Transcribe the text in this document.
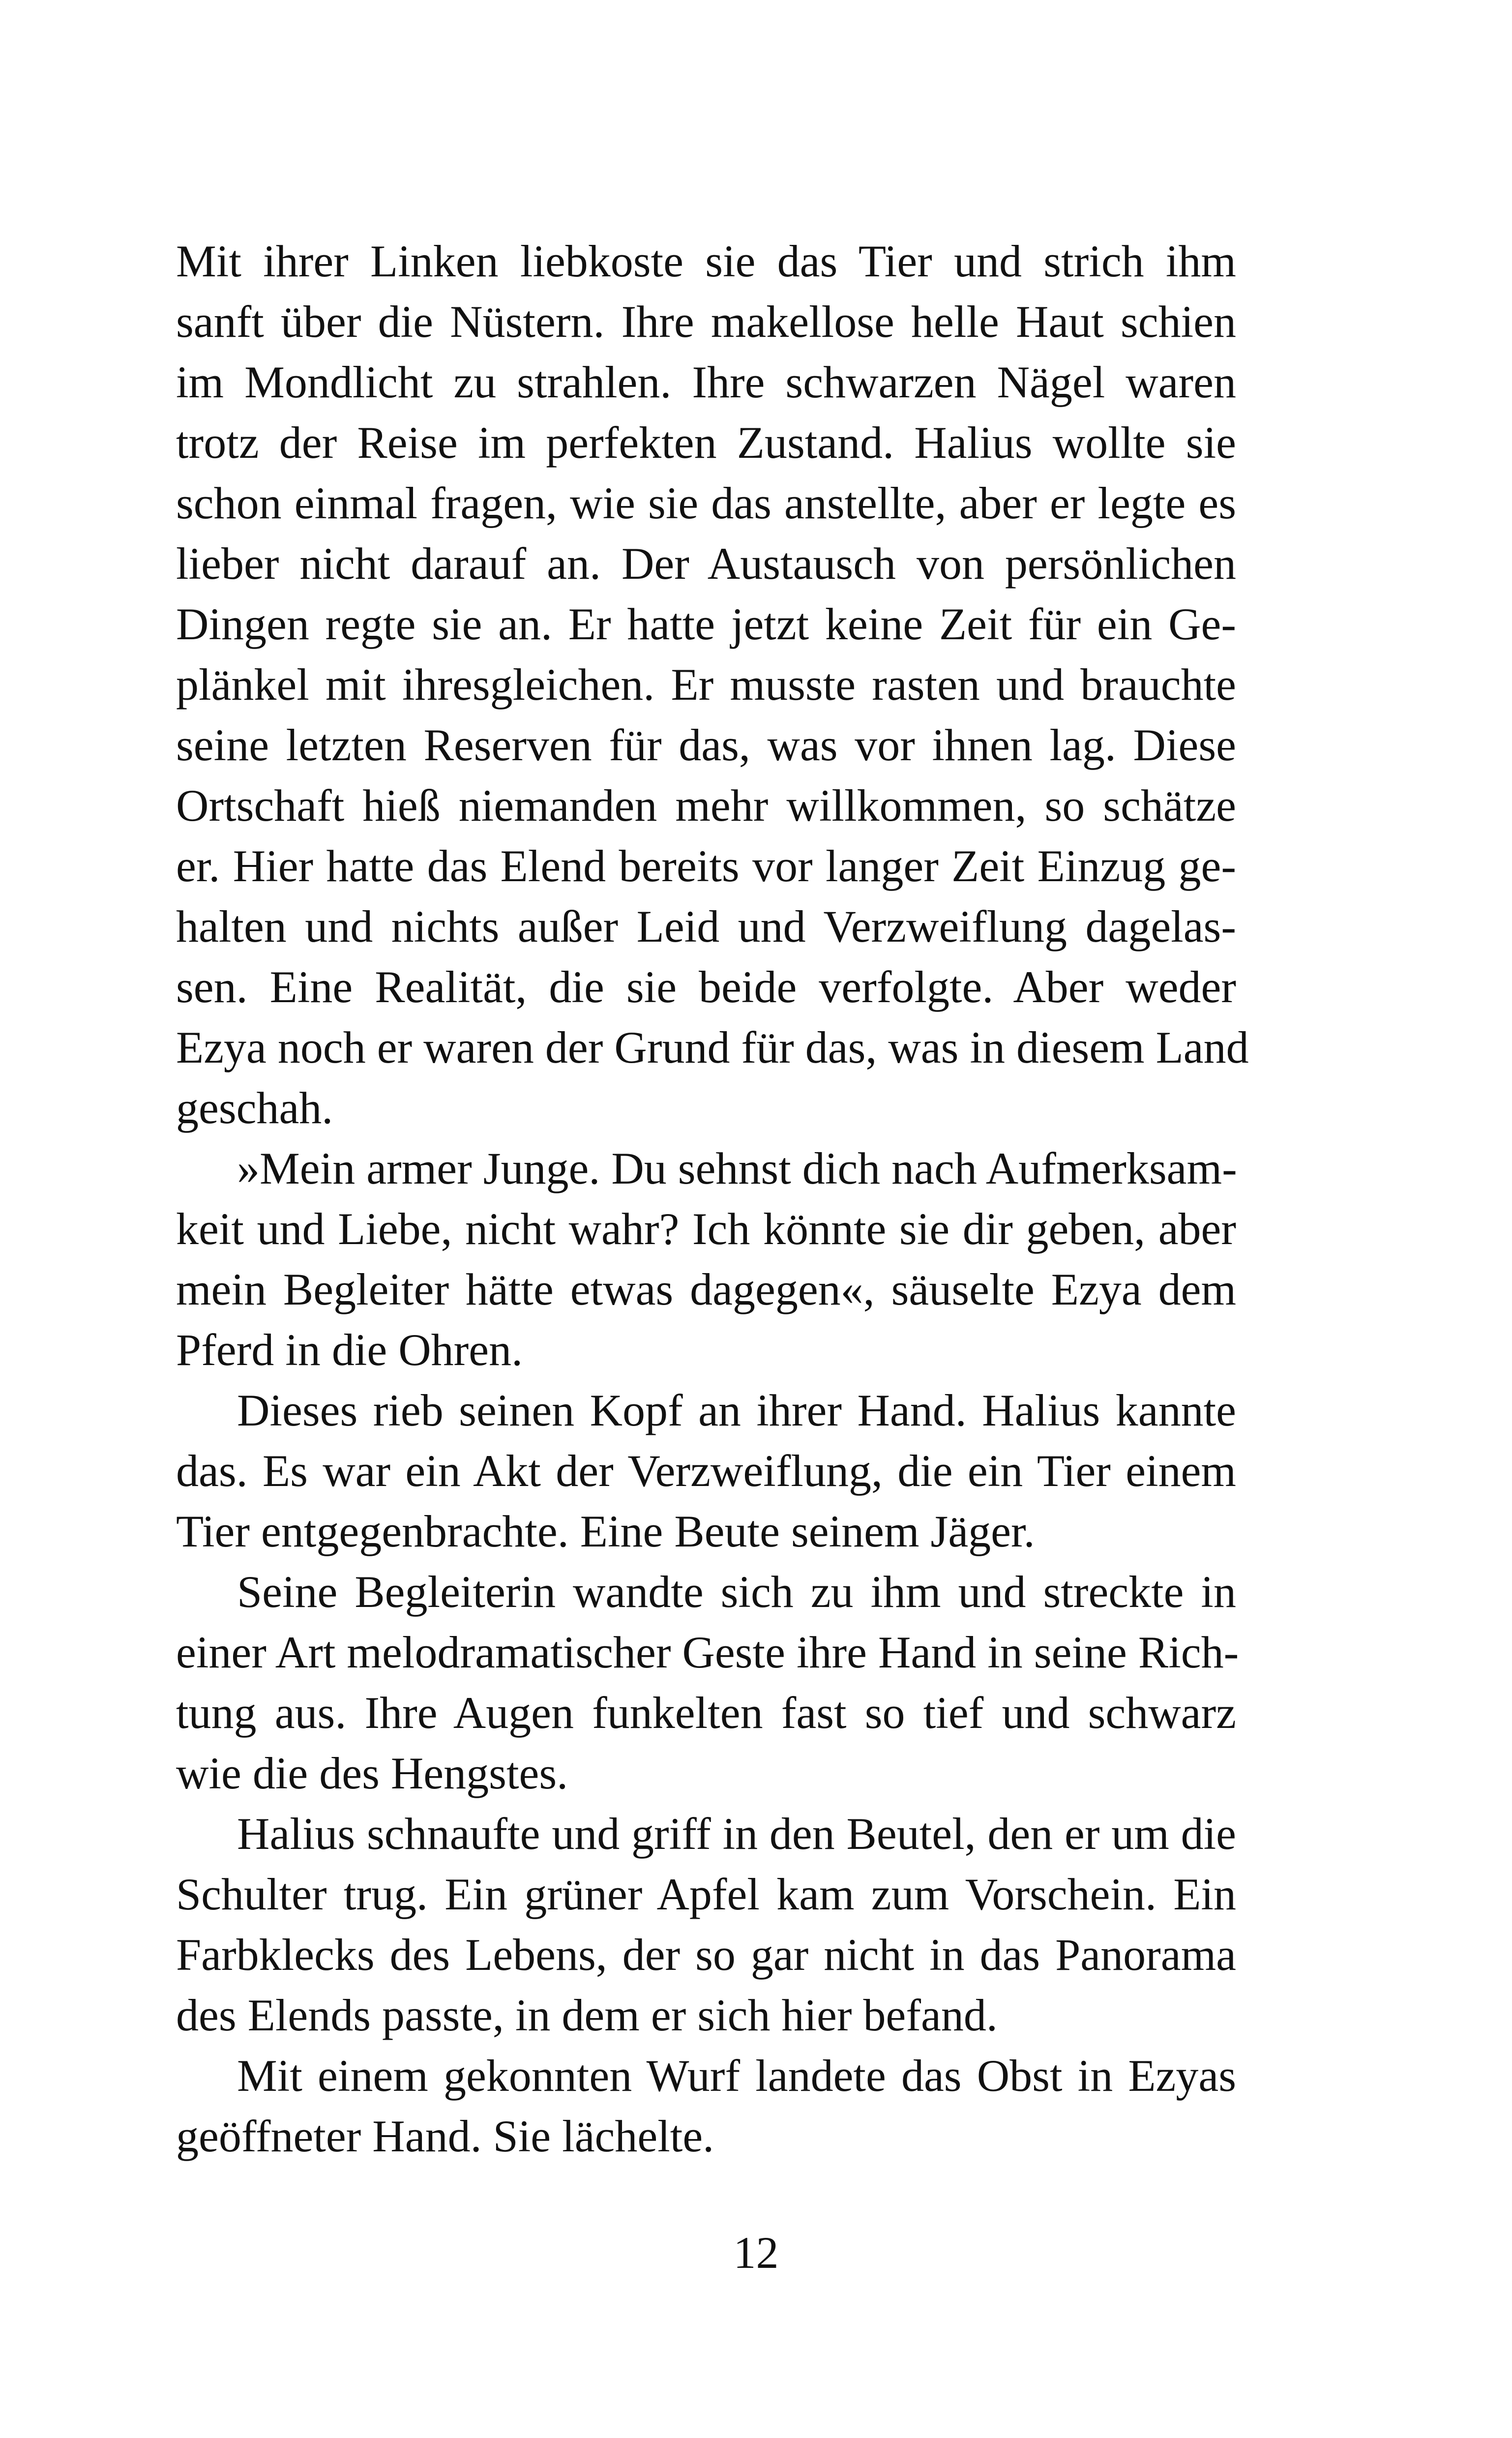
Mit ihrer Linken liebkoste sie das Tier und strich ihm
sanft über die Nüstern. Ihre makellose helle Haut schien
im Mondlicht zu strahlen. Ihre schwarzen Nägel waren
trotz der Reise im perfekten Zustand. Halius wollte sie
schon einmal fragen, wie sie das anstellte, aber er legte es
lieber nicht darauf an. Der Austausch von persönlichen
Dingen regte sie an. Er hatte jetzt keine Zeit für ein Ge-
plänkel mit ihresgleichen. Er musste rasten und brauchte
seine letzten Reserven für das, was vor ihnen lag. Diese
Ortschaft hieß niemanden mehr willkommen, so schätze
er. Hier hatte das Elend bereits vor langer Zeit Einzug ge-
halten und nichts außer Leid und Verzweiflung dagelas-
sen. Eine Realität, die sie beide verfolgte. Aber weder
Ezya noch er waren der Grund für das, was in diesem Land
geschah.
»Mein armer Junge. Du sehnst dich nach Aufmerksam-
keit und Liebe, nicht wahr? Ich könnte sie dir geben, aber
mein Begleiter hätte etwas dagegen«, säuselte Ezya dem
Pferd in die Ohren.
Dieses rieb seinen Kopf an ihrer Hand. Halius kannte
das. Es war ein Akt der Verzweiflung, die ein Tier einem
Tier entgegenbrachte. Eine Beute seinem Jäger.
Seine Begleiterin wandte sich zu ihm und streckte in
einer Art melodramatischer Geste ihre Hand in seine Rich-
tung aus. Ihre Augen funkelten fast so tief und schwarz
wie die des Hengstes.
Halius schnaufte und griff in den Beutel, den er um die
Schulter trug. Ein grüner Apfel kam zum Vorschein. Ein
Farbklecks des Lebens, der so gar nicht in das Panorama
des Elends passte, in dem er sich hier befand.
Mit einem gekonnten Wurf landete das Obst in Ezyas
geöffneter Hand. Sie lächelte.
12
